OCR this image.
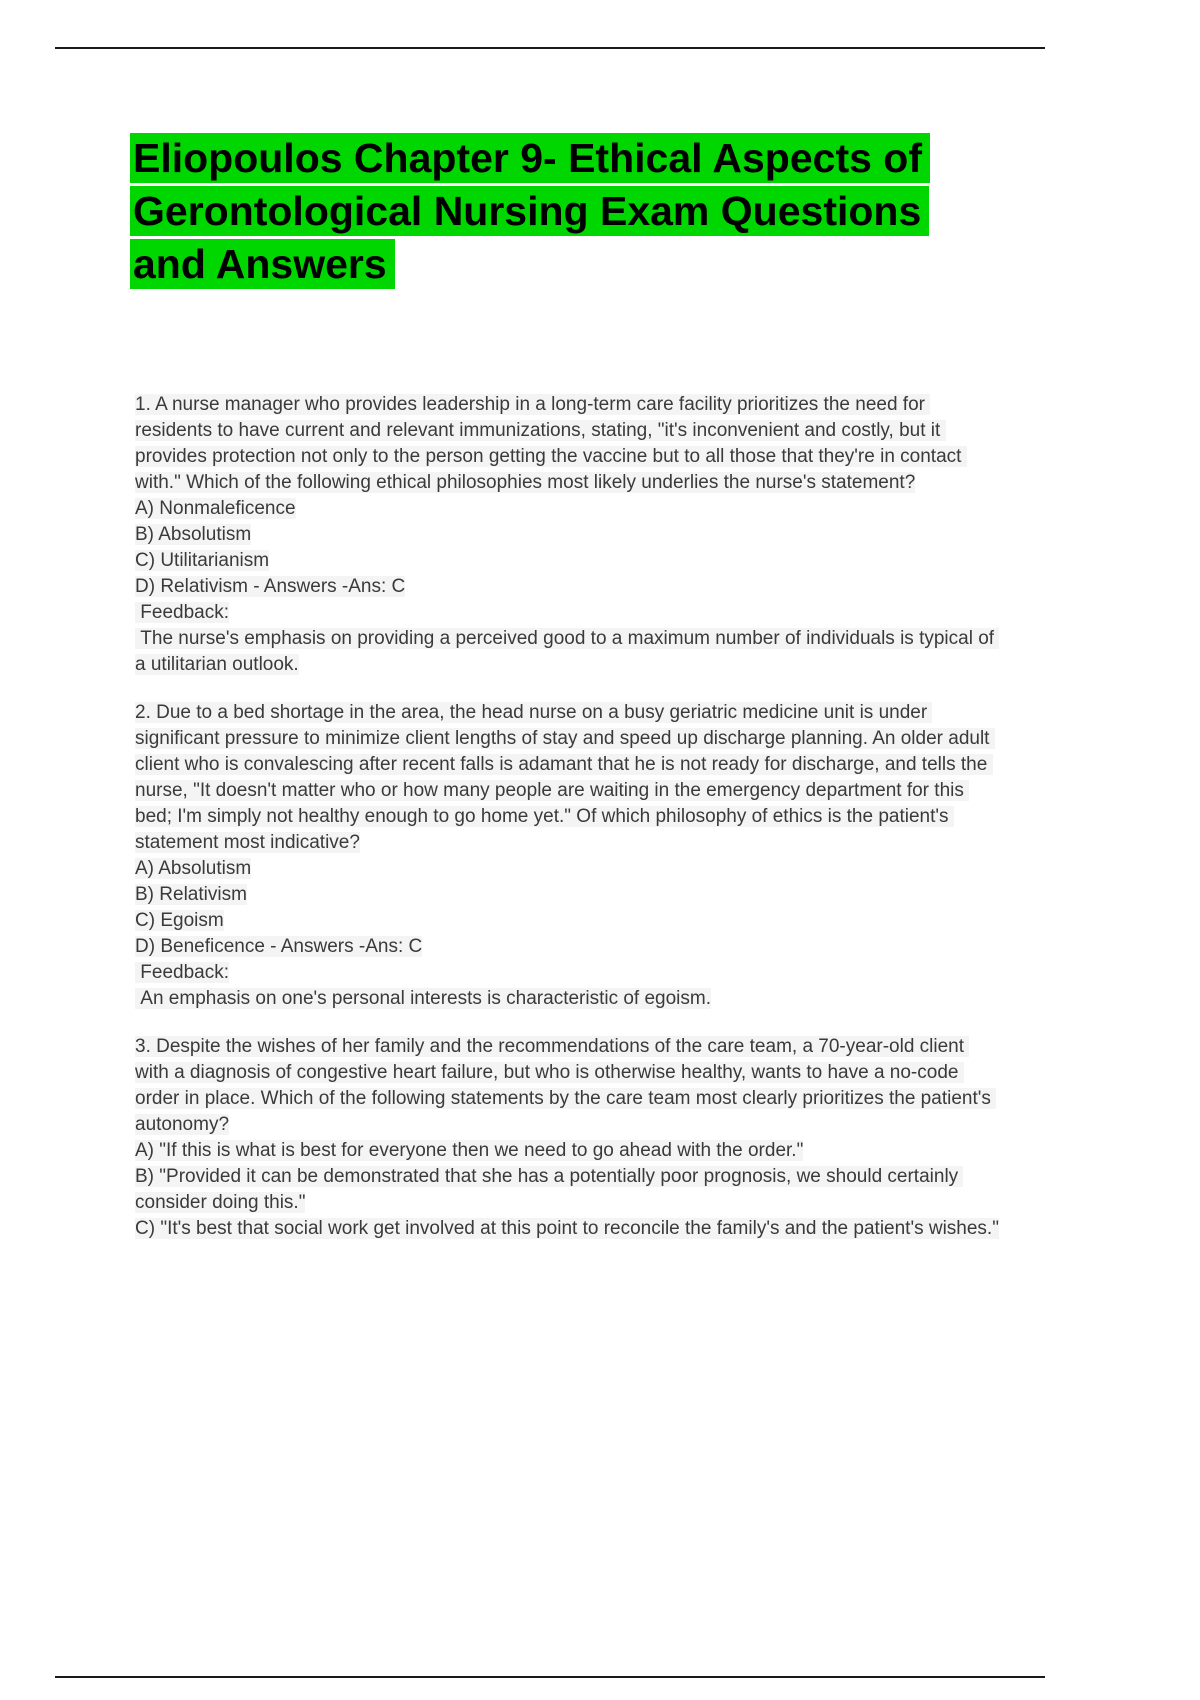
Eliopoulos Chapter 9- Ethical Aspects of
Gerontological Nursing Exam Questions
and Answers
1. A nurse manager who provides leadership in a long-term care facility prioritizes the need for residents to have current and relevant immunizations, stating, "it's inconvenient and costly, but it provides protection not only to the person getting the vaccine but to all those that they're in contact with." Which of the following ethical philosophies most likely underlies the nurse's statement?
A) Nonmaleficence
B) Absolutism
C) Utilitarianism
D) Relativism - Answers -Ans: C
Feedback:
The nurse's emphasis on providing a perceived good to a maximum number of individuals is typical of a utilitarian outlook.
2. Due to a bed shortage in the area, the head nurse on a busy geriatric medicine unit is under significant pressure to minimize client lengths of stay and speed up discharge planning. An older adult client who is convalescing after recent falls is adamant that he is not ready for discharge, and tells the nurse, "It doesn't matter who or how many people are waiting in the emergency department for this bed; I'm simply not healthy enough to go home yet." Of which philosophy of ethics is the patient's statement most indicative?
A) Absolutism
B) Relativism
C) Egoism
D) Beneficence - Answers -Ans: C
Feedback:
An emphasis on one's personal interests is characteristic of egoism.
3. Despite the wishes of her family and the recommendations of the care team, a 70-year-old client with a diagnosis of congestive heart failure, but who is otherwise healthy, wants to have a no-code order in place. Which of the following statements by the care team most clearly prioritizes the patient's autonomy?
A) "If this is what is best for everyone then we need to go ahead with the order."
B) "Provided it can be demonstrated that she has a potentially poor prognosis, we should certainly consider doing this."
C) "It's best that social work get involved at this point to reconcile the family's and the patient's wishes."
